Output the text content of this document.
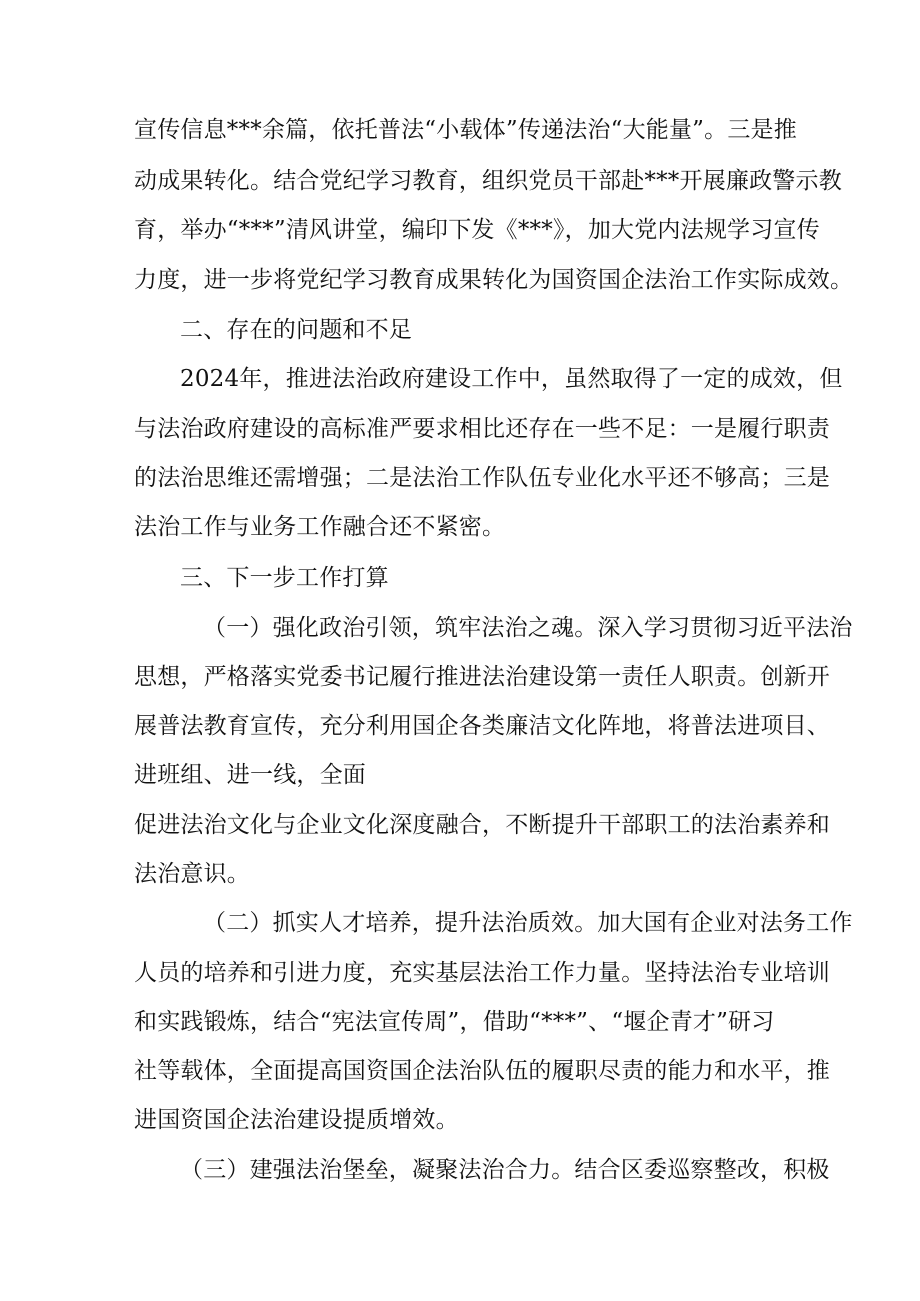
宣传信息***余篇，依托普法“小载体”传递法治“大能量”。三是推
动成果转化。结合党纪学习教育，组织党员干部赴***开展廉政警示教
育，举办“***”清风讲堂，编印下发《***》，加大党内法规学习宣传
力度，进一步将党纪学习教育成果转化为国资国企法治工作实际成效。
二、存在的问题和不足
2024年，推进法治政府建设工作中，虽然取得了一定的成效，但
与法治政府建设的高标准严要求相比还存在一些不足：一是履行职责
的法治思维还需增强；二是法治工作队伍专业化水平还不够高；三是
法治工作与业务工作融合还不紧密。
三、下一步工作打算
（一）强化政治引领，筑牢法治之魂。深入学习贯彻习近平法治
思想，严格落实党委书记履行推进法治建设第一责任人职责。创新开
展普法教育宣传，充分利用国企各类廉洁文化阵地，将普法进项目、
进班组、进一线，全面
促进法治文化与企业文化深度融合，不断提升干部职工的法治素养和
法治意识。
（二）抓实人才培养，提升法治质效。加大国有企业对法务工作
人员的培养和引进力度，充实基层法治工作力量。坚持法治专业培训
和实践锻炼，结合“宪法宣传周”，借助“***”、“堰企青才”研习
社等载体，全面提高国资国企法治队伍的履职尽责的能力和水平，推
进国资国企法治建设提质增效。
（三）建强法治堡垒，凝聚法治合力。结合区委巡察整改，积极
